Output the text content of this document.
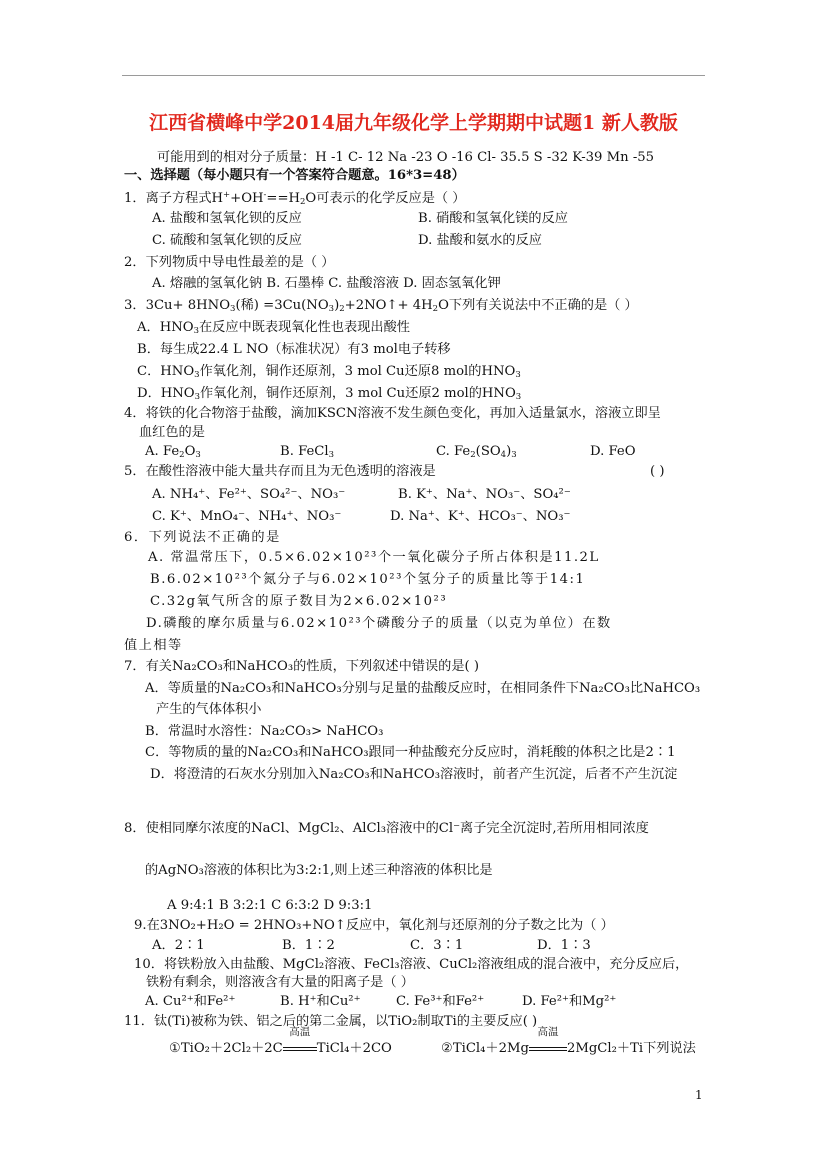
江西省横峰中学2014届九年级化学上学期期中试题1 新人教版
可能用到的相对分子质量：H -1 C- 12 Na -23 O -16 Cl- 35.5 S -32 K-39 Mn -55
一、选择题（每小题只有一个答案符合题意。16*3=48）
1．离子方程式$H^++OH^-==H_2O$可表示的化学反应是（ ）
A. 盐酸和氢氧化钡的反应	B. 硝酸和氢氧化镁的反应
C. 硫酸和氢氧化钡的反应	D. 盐酸和氨水的反应
2．下列物质中导电性最差的是（ ）
A. 熔融的氢氧化钠 B. 石墨棒 C. 盐酸溶液 D. 固态氢氧化钾
3．$3Cu+ 8HNO_3$(稀) $=3Cu(NO_3)_2+2NO↑+ 4H_2O$下列有关说法中不正确的是（ ）
A．$HNO_3$在反应中既表现氧化性也表现出酸性
B．每生成22.4 L NO（标准状况）有3 mol电子转移
C．$HNO_3$作氧化剂，铜作还原剂，3 mol Cu还原8 mol的$HNO_3$
D．$HNO_3$作氧化剂，铜作还原剂，3 mol Cu还原2 mol的$HNO_3$
4．将铁的化合物溶于盐酸，滴加KSCN溶液不发生颜色变化，再加入适量氯水，溶液立即呈
血红色的是
A. $Fe_2O_3$	B. FeCl$_3$	C. $Fe_2(SO_4)_3$	D. FeO
5．在酸性溶液中能大量共存而且为无色透明的溶液是	( )
A. NH₄⁺、Fe²⁺、SO₄²⁻、NO₃⁻	B. K⁺、Na⁺、NO₃⁻、SO₄²⁻
C. K⁺、MnO₄⁻、NH₄⁺、NO₃⁻	D. Na⁺、K⁺、HCO₃⁻、NO₃⁻
6．下列说法不正确的是
A. 常温常压下，0.5×6.02×10²³个一氧化碳分子所占体积是11.2L
B.6.02×10²³个氮分子与6.02×10²³个氢分子的质量比等于14:1
C.32g氧气所含的原子数目为2×6.02×10²³
D.磷酸的摩尔质量与6.02×10²³个磷酸分子的质量（以克为单位）在数
值上相等
7．有关Na₂CO₃和NaHCO₃的性质，下列叙述中错误的是( )
A．等质量的Na₂CO₃和NaHCO₃分别与足量的盐酸反应时，在相同条件下Na₂CO₃比NaHCO₃
产生的气体体积小
B．常温时水溶性：Na₂CO₃> NaHCO₃
C．等物质的量的Na₂CO₃和NaHCO₃跟同一种盐酸充分反应时，消耗酸的体积之比是2∶1
D．将澄清的石灰水分别加入Na₂CO₃和NaHCO₃溶液时，前者产生沉淀，后者不产生沉淀
8．使相同摩尔浓度的NaCl、MgCl₂、AlCl₃溶液中的Cl⁻离子完全沉淀时,若所用相同浓度
的AgNO₃溶液的体积比为3:2:1,则上述三种溶液的体积比是
A 9:4:1 B 3:2:1 C 6:3:2 D 9:3:1
9.在3NO₂+H₂O = 2HNO₃+NO↑反应中，氧化剂与还原剂的分子数之比为（ ）
A．2∶1	B．1∶2	C．3∶1	D．1∶3
10．将铁粉放入由盐酸、MgCl₂溶液、FeCl₃溶液、CuCl₂溶液组成的混合液中，充分反应后，
铁粉有剩余，则溶液含有大量的阳离子是（ ）
A. Cu²⁺和Fe²⁺	B. H⁺和Cu²⁺	C. Fe³⁺和Fe²⁺	D. Fe²⁺和Mg²⁺
11．钛(Ti)被称为铁、铝之后的第二金属，以TiO₂制取Ti的主要反应( )
①TiO₂＋2Cl₂＋2C
高温
TiCl₄＋2CO	②TiCl₄＋2Mg
高温
2MgCl₂＋Ti下列说法
1
